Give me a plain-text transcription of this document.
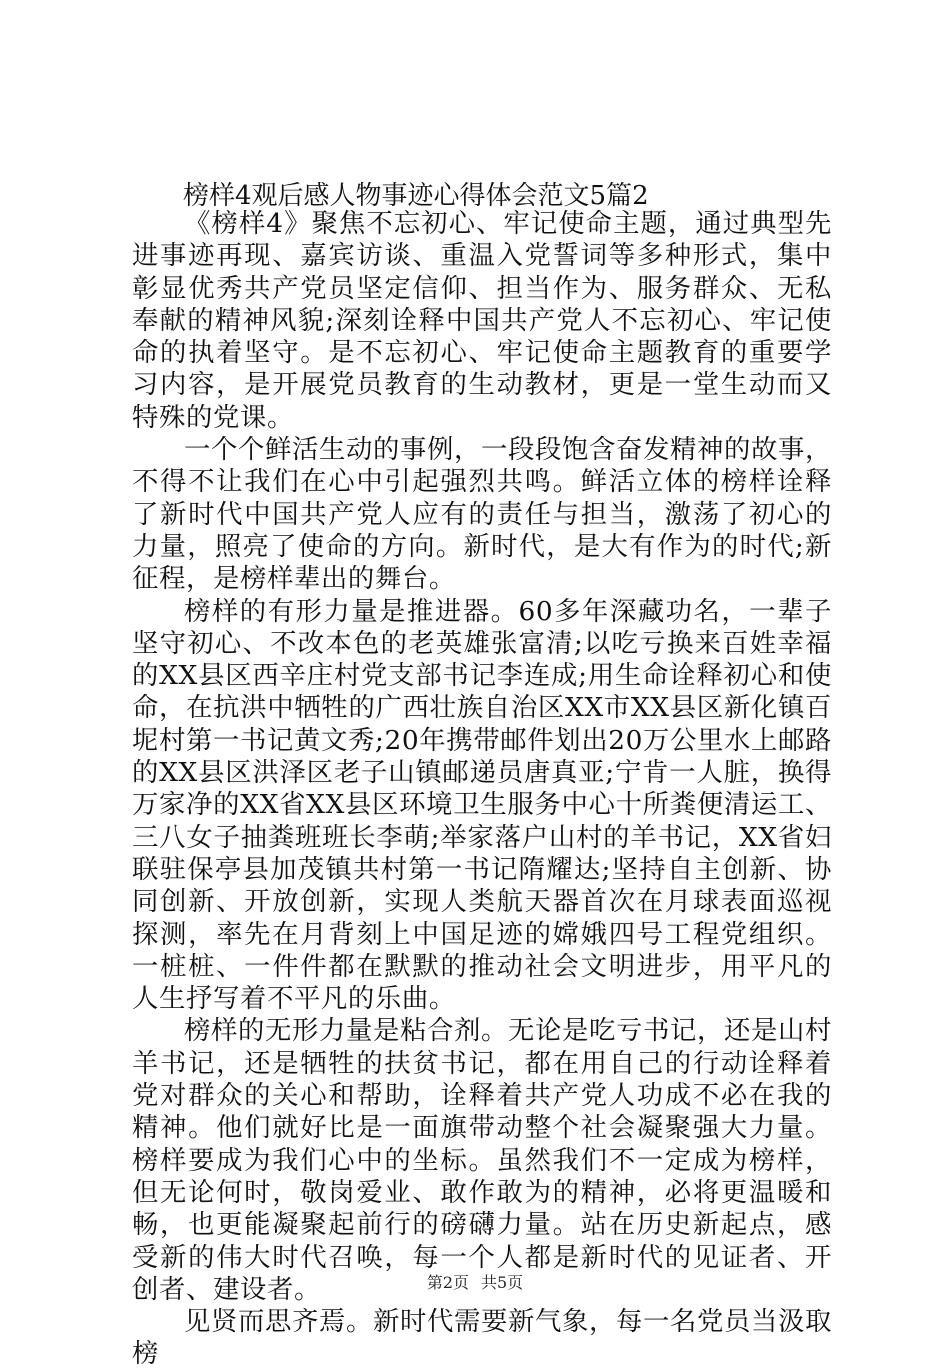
榜样4观后感人物事迹心得体会范文5篇2

《榜样4》聚焦不忘初心、牢记使命主题，通过典型先进事迹再现、嘉宾访谈、重温入党誓词等多种形式，集中彰显优秀共产党员坚定信仰、担当作为、服务群众、无私奉献的精神风貌;深刻诠释中国共产党人不忘初心、牢记使命的执着坚守。是不忘初心、牢记使命主题教育的重要学习内容，是开展党员教育的生动教材，更是一堂生动而又特殊的党课。

一个个鲜活生动的事例，一段段饱含奋发精神的故事，不得不让我们在心中引起强烈共鸣。鲜活立体的榜样诠释了新时代中国共产党人应有的责任与担当，激荡了初心的力量，照亮了使命的方向。新时代，是大有作为的时代;新征程，是榜样辈出的舞台。

榜样的有形力量是推进器。60多年深藏功名，一辈子坚守初心、不改本色的老英雄张富清;以吃亏换来百姓幸福的XX县区西辛庄村党支部书记李连成;用生命诠释初心和使命，在抗洪中牺牲的广西壮族自治区XX市XX县区新化镇百坭村第一书记黄文秀;20年携带邮件划出20万公里水上邮路的XX县区洪泽区老子山镇邮递员唐真亚;宁肯一人脏，换得万家净的XX省XX县区环境卫生服务中心十所粪便清运工、三八女子抽粪班班长李萌;举家落户山村的羊书记，XX省妇联驻保亭县加茂镇共村第一书记隋耀达;坚持自主创新、协同创新、开放创新，实现人类航天器首次在月球表面巡视探测，率先在月背刻上中国足迹的嫦娥四号工程党组织。一桩桩、一件件都在默默的推动社会文明进步，用平凡的人生抒写着不平凡的乐曲。

榜样的无形力量是粘合剂。无论是吃亏书记，还是山村羊书记，还是牺牲的扶贫书记，都在用自己的行动诠释着党对群众的关心和帮助，诠释着共产党人功成不必在我的精神。他们就好比是一面旗带动整个社会凝聚强大力量。榜样要成为我们心中的坐标。虽然我们不一定成为榜样，但无论何时，敬岗爱业、敢作敢为的精神，必将更温暖和畅，也更能凝聚起前行的磅礴力量。站在历史新起点，感受新的伟大时代召唤，每一个人都是新时代的见证者、开创者、建设者。

见贤而思齐焉。新时代需要新气象，每一名党员当汲取榜

第2页 共5页
